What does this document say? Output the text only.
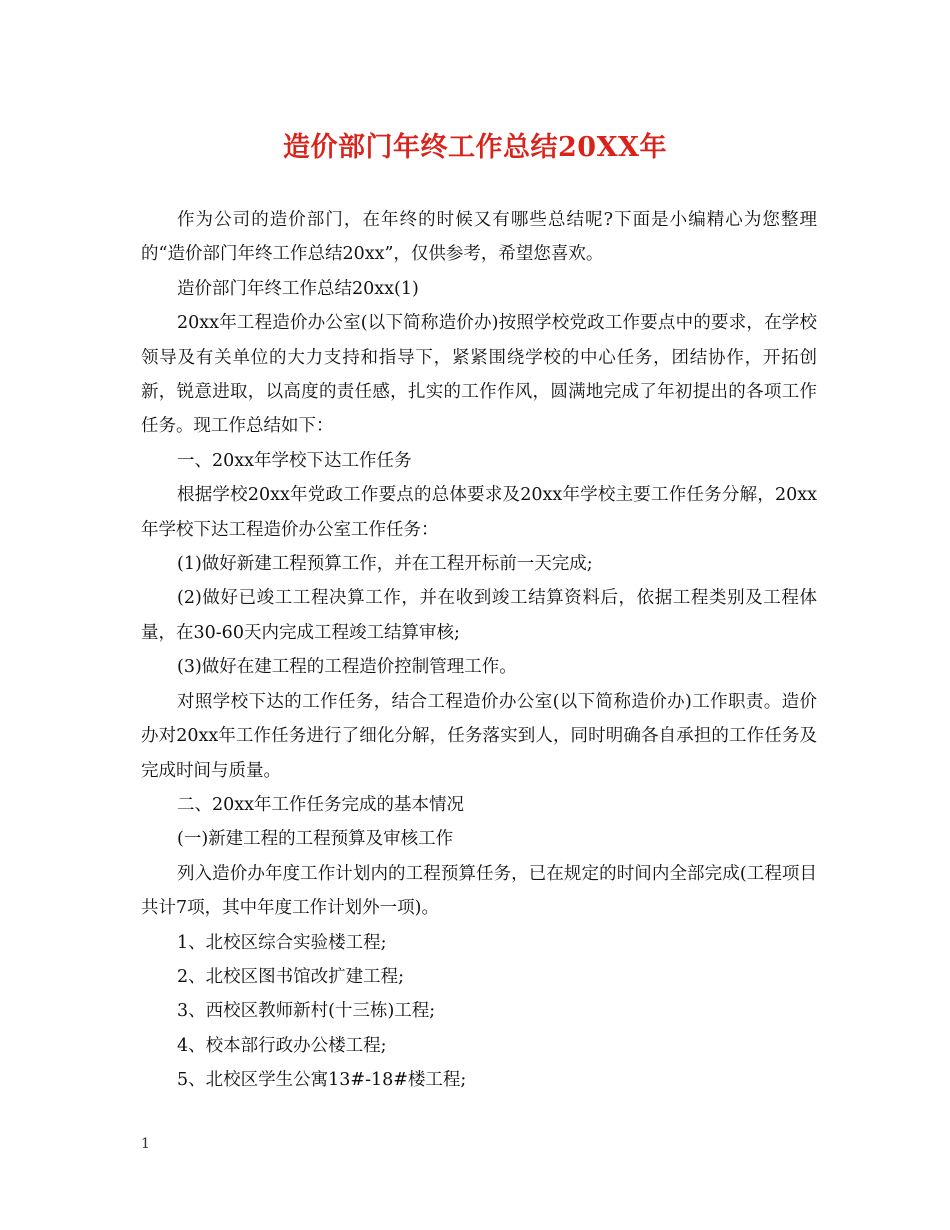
造价部门年终工作总结20XX年

作为公司的造价部门，在年终的时候又有哪些总结呢?下面是小编精心为您整理的“造价部门年终工作总结20xx”，仅供参考，希望您喜欢。

造价部门年终工作总结20xx(1)

20xx年工程造价办公室(以下简称造价办)按照学校党政工作要点中的要求，在学校领导及有关单位的大力支持和指导下，紧紧围绕学校的中心任务，团结协作，开拓创新，锐意进取，以高度的责任感，扎实的工作作风，圆满地完成了年初提出的各项工作任务。现工作总结如下：

一、20xx年学校下达工作任务

根据学校20xx年党政工作要点的总体要求及20xx年学校主要工作任务分解，20xx年学校下达工程造价办公室工作任务：

(1)做好新建工程预算工作，并在工程开标前一天完成;

(2)做好已竣工工程决算工作，并在收到竣工结算资料后，依据工程类别及工程体量，在30-60天内完成工程竣工结算审核;

(3)做好在建工程的工程造价控制管理工作。

对照学校下达的工作任务，结合工程造价办公室(以下简称造价办)工作职责。造价办对20xx年工作任务进行了细化分解，任务落实到人，同时明确各自承担的工作任务及完成时间与质量。

二、20xx年工作任务完成的基本情况

(一)新建工程的工程预算及审核工作

列入造价办年度工作计划内的工程预算任务，已在规定的时间内全部完成(工程项目共计7项，其中年度工作计划外一项)。

1、北校区综合实验楼工程;

2、北校区图书馆改扩建工程;

3、西校区教师新村(十三栋)工程;

4、校本部行政办公楼工程;

5、北校区学生公寓13#-18#楼工程;

1
